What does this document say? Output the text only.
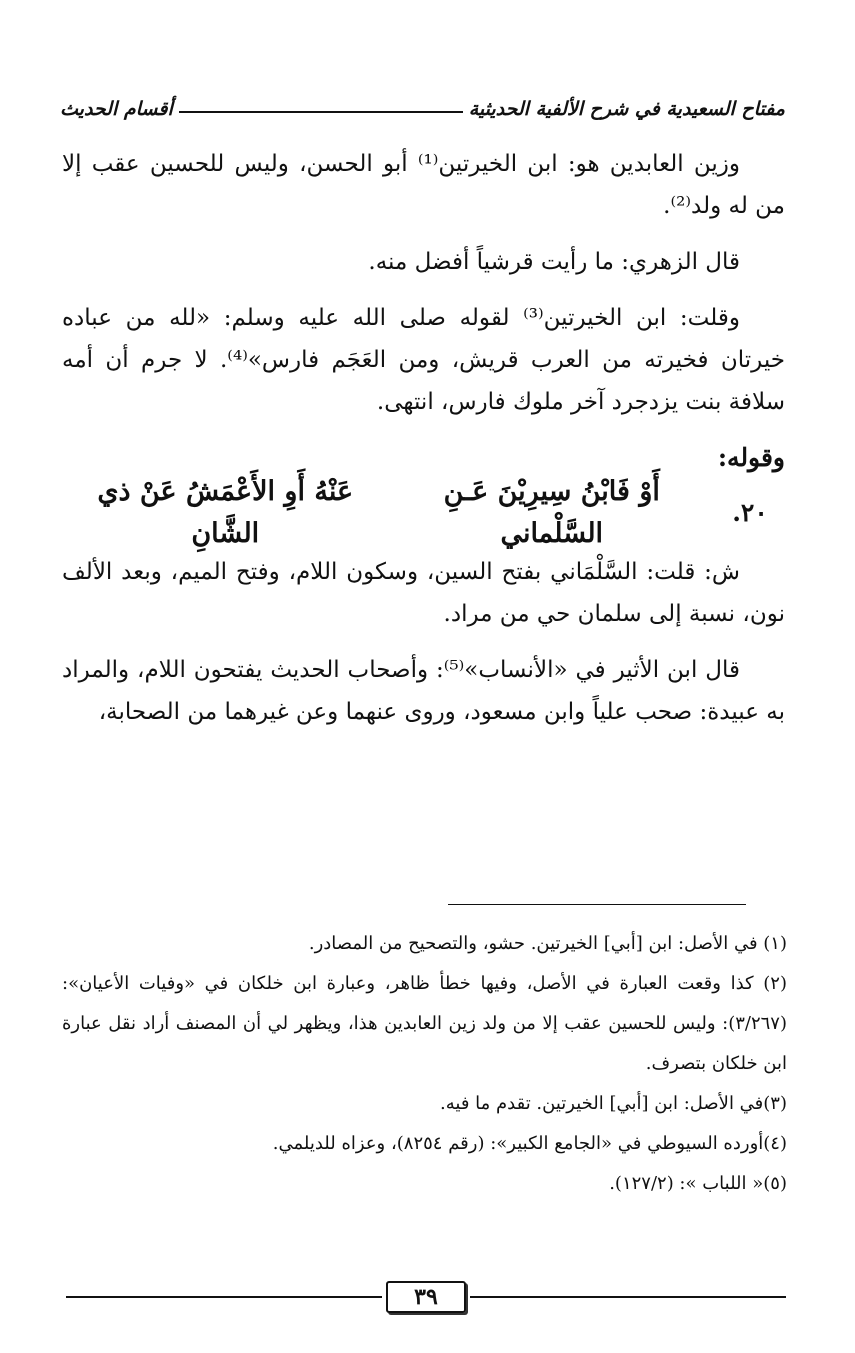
مفتاح السعيدية في شرح الألفية الحديثية
أقسام الحديث

وزين العابدين هو: ابن الخيرتين⁽¹⁾ أبو الحسن، وليس للحسين عقب إلا من له ولد⁽²⁾.

قال الزهري: ما رأيت قرشياً أفضل منه.

وقلت: ابن الخيرتين⁽³⁾ لقوله صلى الله عليه وسلم: «لله من عباده خيرتان فخيرته من العرب قريش، ومن العَجَم فارس»⁽⁴⁾. لا جرم أن أمه سلافة بنت يزدجرد آخر ملوك فارس، انتهى.

وقوله:

٢٠.
أَوْ فَابْنُ سِيرِيْنَ عَـنِ السَّلْماني
عَنْهُ أَوِ الأَعْمَشُ عَنْ ذي الشَّانِ

ش: قلت: السَّلْمَاني بفتح السين، وسكون اللام، وفتح الميم، وبعد الألف نون، نسبة إلى سلمان حي من مراد.

قال ابن الأثير في «الأنساب»⁽⁵⁾: وأصحاب الحديث يفتحون اللام، والمراد به عبيدة: صحب علياً وابن مسعود، وروى عنهما وعن غيرهما من الصحابة،

(١) في الأصل: ابن [أبي] الخيرتين. حشو، والتصحيح من المصادر.

(٢) كذا وقعت العبارة في الأصل، وفيها خطأ ظاهر، وعبارة ابن خلكان في «وفيات الأعيان»: (٣/٢٦٧): وليس للحسين عقب إلا من ولد زين العابدين هذا، ويظهر لي أن المصنف أراد نقل عبارة ابن خلكان بتصرف.

(٣)في الأصل: ابن [أبي] الخيرتين. تقدم ما فيه.

(٤)أورده السيوطي في «الجامع الكبير»: (رقم ٨٢٥٤)، وعزاه للديلمي.

(٥)« اللباب »: (١٢٧/٢).

٣٩
